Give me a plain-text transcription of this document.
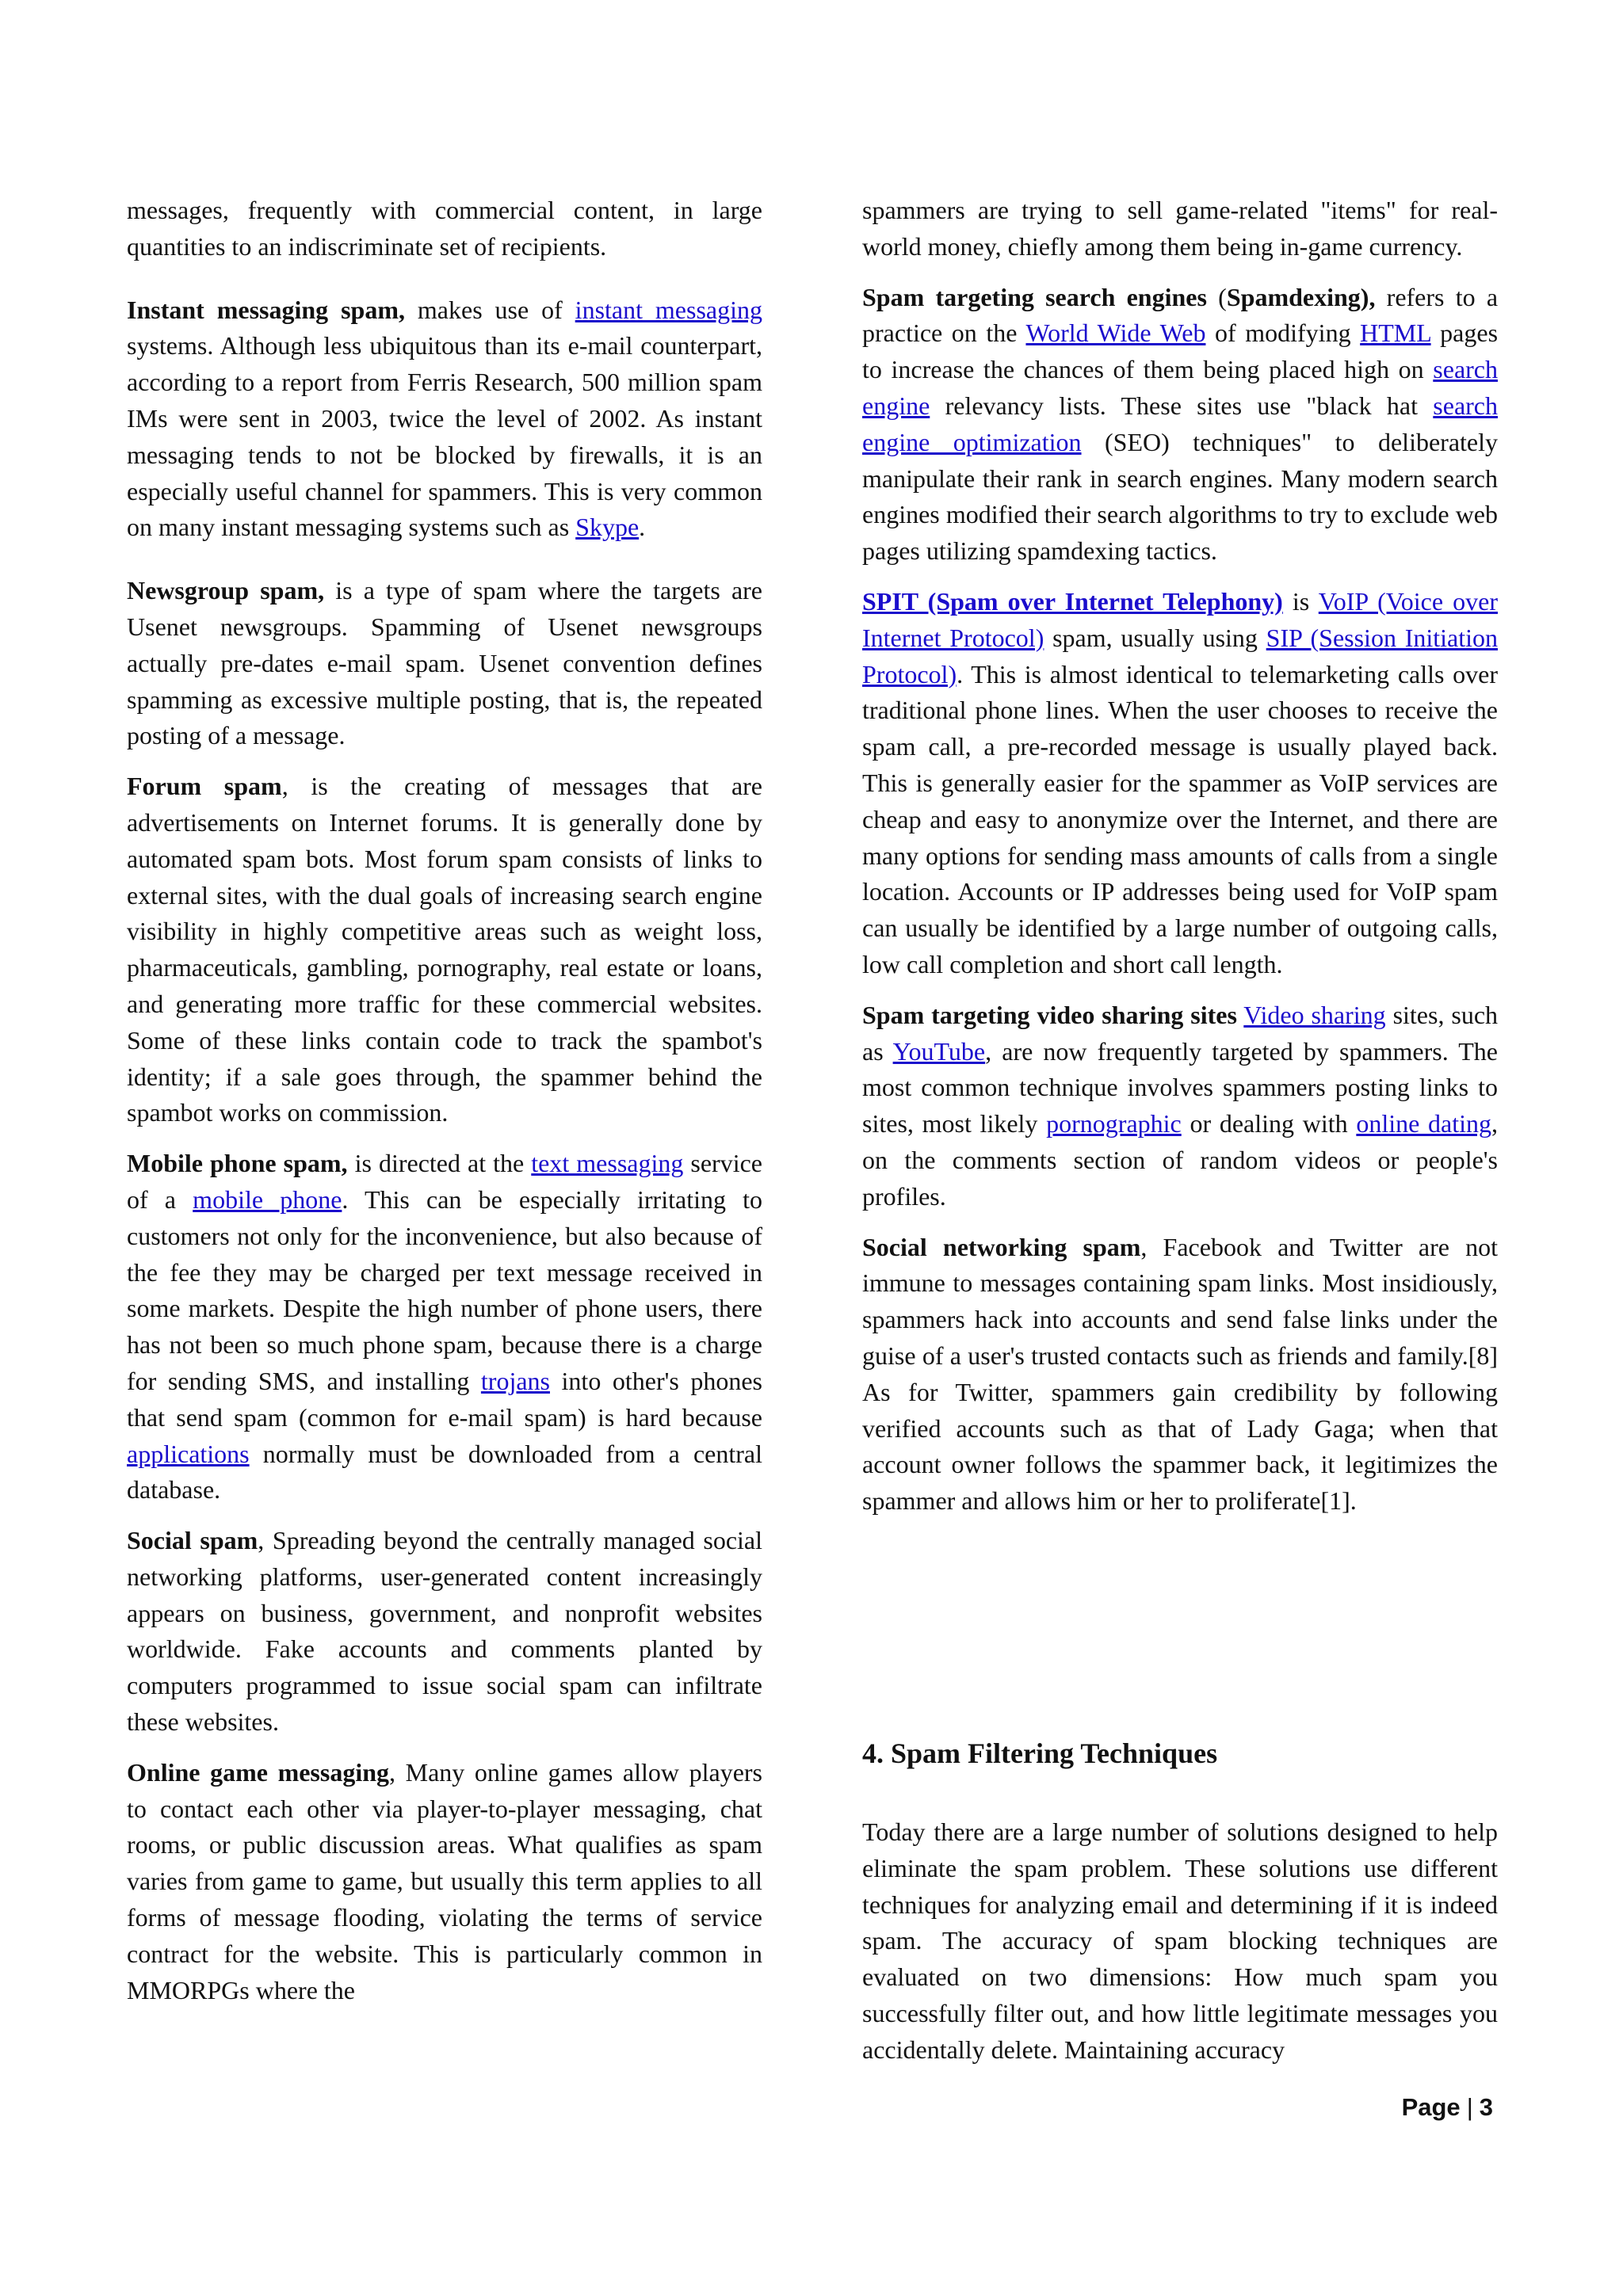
messages, frequently with commercial content, in large quantities to an indiscriminate set of recipients.

Instant messaging spam, makes use of instant messaging systems. Although less ubiquitous than its e-mail counterpart, according to a report from Ferris Research, 500 million spam IMs were sent in 2003, twice the level of 2002. As instant messaging tends to not be blocked by firewalls, it is an especially useful channel for spammers. This is very common on many instant messaging systems such as Skype.

Newsgroup spam, is a type of spam where the targets are Usenet newsgroups. Spamming of Usenet newsgroups actually pre-dates e-mail spam. Usenet convention defines spamming as excessive multiple posting, that is, the repeated posting of a message.

Forum spam, is the creating of messages that are advertisements on Internet forums. It is generally done by automated spam bots. Most forum spam consists of links to external sites, with the dual goals of increasing search engine visibility in highly competitive areas such as weight loss, pharmaceuticals, gambling, pornography, real estate or loans, and generating more traffic for these commercial websites. Some of these links contain code to track the spambot's identity; if a sale goes through, the spammer behind the spambot works on commission.

Mobile phone spam, is directed at the text messaging service of a mobile phone. This can be especially irritating to customers not only for the inconvenience, but also because of the fee they may be charged per text message received in some markets. Despite the high number of phone users, there has not been so much phone spam, because there is a charge for sending SMS, and installing trojans into other's phones that send spam (common for e-mail spam) is hard because applications normally must be downloaded from a central database.

Social spam, Spreading beyond the centrally managed social networking platforms, user-generated content increasingly appears on business, government, and nonprofit websites worldwide. Fake accounts and comments planted by computers programmed to issue social spam can infiltrate these websites.

Online game messaging, Many online games allow players to contact each other via player-to-player messaging, chat rooms, or public discussion areas. What qualifies as spam varies from game to game, but usually this term applies to all forms of message flooding, violating the terms of service contract for the website. This is particularly common in MMORPGs where the

spammers are trying to sell game-related "items" for real-world money, chiefly among them being in-game currency.

Spam targeting search engines (Spamdexing), refers to a practice on the World Wide Web of modifying HTML pages to increase the chances of them being placed high on search engine relevancy lists. These sites use "black hat search engine optimization (SEO) techniques" to deliberately manipulate their rank in search engines. Many modern search engines modified their search algorithms to try to exclude web pages utilizing spamdexing tactics.

SPIT (Spam over Internet Telephony) is VoIP (Voice over Internet Protocol) spam, usually using SIP (Session Initiation Protocol). This is almost identical to telemarketing calls over traditional phone lines. When the user chooses to receive the spam call, a pre-recorded message is usually played back. This is generally easier for the spammer as VoIP services are cheap and easy to anonymize over the Internet, and there are many options for sending mass amounts of calls from a single location. Accounts or IP addresses being used for VoIP spam can usually be identified by a large number of outgoing calls, low call completion and short call length.

Spam targeting video sharing sites Video sharing sites, such as YouTube, are now frequently targeted by spammers. The most common technique involves spammers posting links to sites, most likely pornographic or dealing with online dating, on the comments section of random videos or people's profiles.

Social networking spam, Facebook and Twitter are not immune to messages containing spam links. Most insidiously, spammers hack into accounts and send false links under the guise of a user's trusted contacts such as friends and family.[8] As for Twitter, spammers gain credibility by following verified accounts such as that of Lady Gaga; when that account owner follows the spammer back, it legitimizes the spammer and allows him or her to proliferate[1].

4. Spam Filtering Techniques

Today there are a large number of solutions designed to help eliminate the spam problem. These solutions use different techniques for analyzing email and determining if it is indeed spam. The accuracy of spam blocking techniques are evaluated on two dimensions: How much spam you successfully filter out, and how little legitimate messages you accidentally delete. Maintaining accuracy

Page | 3
